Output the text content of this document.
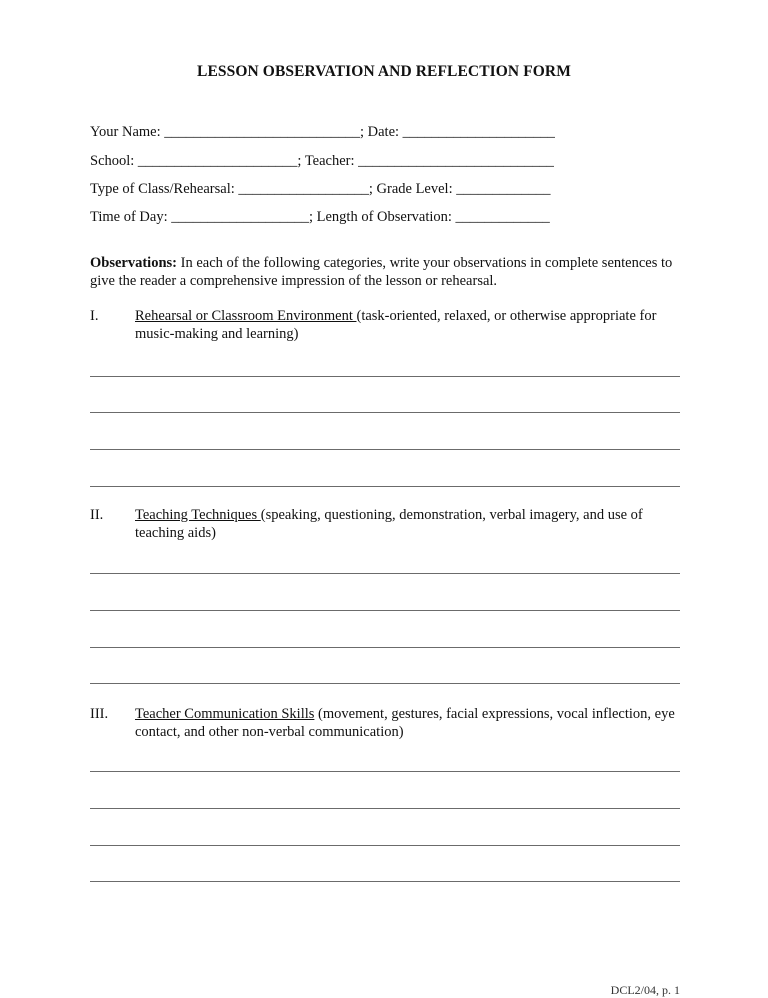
LESSON OBSERVATION AND REFLECTION FORM
Your Name: ___________________________; Date: _____________________
School: ______________________; Teacher: ___________________________
Type of Class/Rehearsal: __________________; Grade Level: _____________
Time of Day: ___________________; Length of Observation: _____________
Observations: In each of the following categories, write your observations in complete sentences to give the reader a comprehensive impression of the lesson or rehearsal.
I.	Rehearsal or Classroom Environment (task-oriented, relaxed, or otherwise appropriate for music-making and learning)
II. Teaching Techniques (speaking, questioning, demonstration, verbal imagery, and use of teaching aids)
III. Teacher Communication Skills (movement, gestures, facial expressions, vocal inflection, eye contact, and other non-verbal communication)
DCL2/04, p. 1
